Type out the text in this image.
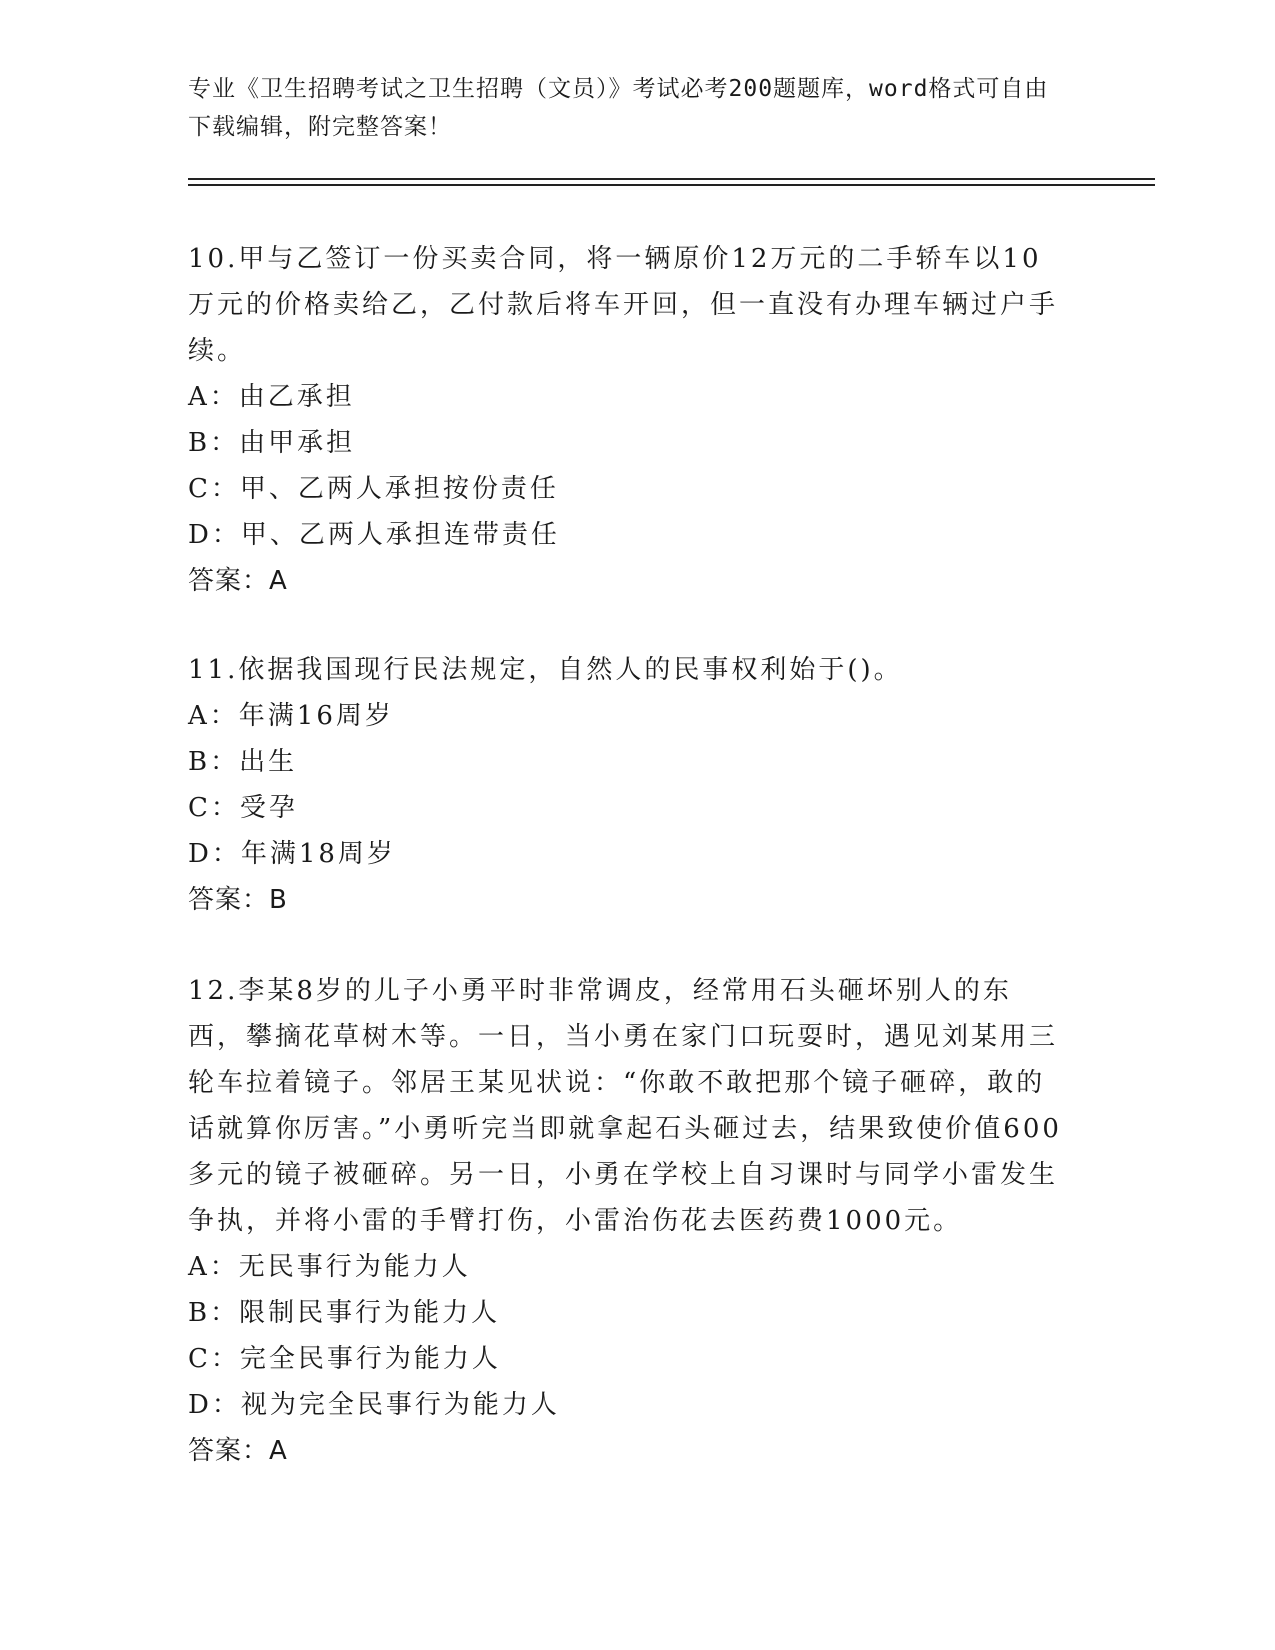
专业《卫生招聘考试之卫生招聘（文员）》考试必考200题题库，word格式可自由下载编辑，附完整答案！

10.甲与乙签订一份买卖合同，将一辆原价12万元的二手轿车以10万元的价格卖给乙，乙付款后将车开回，但一直没有办理车辆过户手续。

A：由乙承担

B：由甲承担

C：甲、乙两人承担按份责任

D：甲、乙两人承担连带责任

答案：A

11.依据我国现行民法规定，自然人的民事权利始于()。

A：年满16周岁

B：出生

C：受孕

D：年满18周岁

答案：B

12.李某8岁的儿子小勇平时非常调皮，经常用石头砸坏别人的东西，攀摘花草树木等。一日，当小勇在家门口玩耍时，遇见刘某用三轮车拉着镜子。邻居王某见状说：“你敢不敢把那个镜子砸碎，敢的话就算你厉害。”小勇听完当即就拿起石头砸过去，结果致使价值600多元的镜子被砸碎。另一日，小勇在学校上自习课时与同学小雷发生争执，并将小雷的手臂打伤，小雷治伤花去医药费1000元。

A：无民事行为能力人

B：限制民事行为能力人

C：完全民事行为能力人

D：视为完全民事行为能力人

答案：A
